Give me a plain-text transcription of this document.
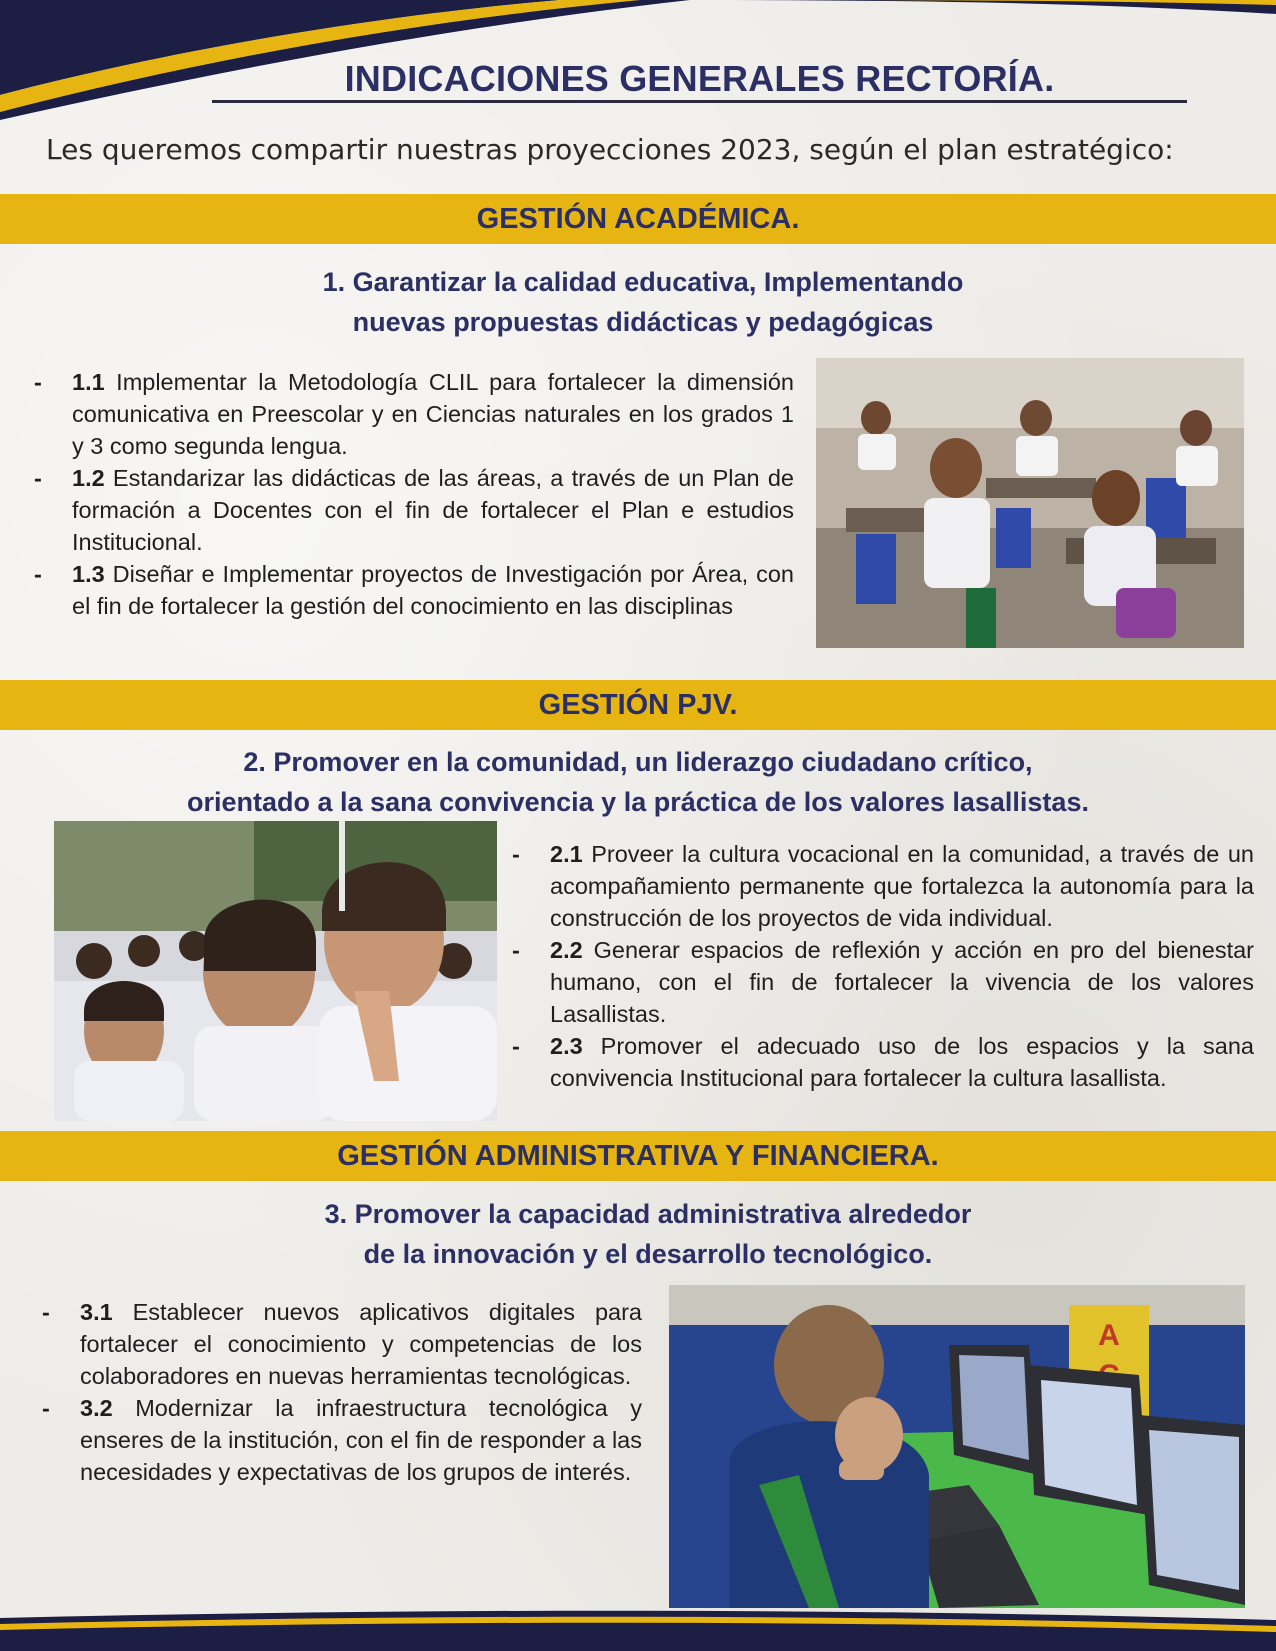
INDICACIONES GENERALES RECTORÍA.
Les queremos compartir nuestras proyecciones 2023, según el plan estratégico:
GESTIÓN ACADÉMICA.
1. Garantizar la calidad educativa, Implementando
nuevas propuestas didácticas y pedagógicas
- 1.1 Implementar la Metodología CLIL para fortalecer la dimensión comunicativa en Preescolar y en Ciencias naturales en los grados 1 y 3 como segunda lengua.
- 1.2 Estandarizar las didácticas de las áreas, a través de un Plan de formación a Docentes con el fin de fortalecer el Plan e estudios Institucional.
- 1.3 Diseñar e Implementar proyectos de Investigación por Área, con el fin de fortalecer la gestión del conocimiento en las disciplinas
GESTIÓN PJV.
2. Promover en la comunidad, un liderazgo ciudadano crítico,
orientado a la sana convivencia y la práctica de los valores lasallistas.
- 2.1 Proveer la cultura vocacional en la comunidad, a través de un acompañamiento permanente que fortalezca la autonomía para la construcción de los proyectos de vida individual.
- 2.2 Generar espacios de reflexión y acción en pro del bienestar humano, con el fin de fortalecer la vivencia de los valores Lasallistas.
- 2.3 Promover el adecuado uso de los espacios y la sana convivencia Institucional para fortalecer la cultura lasallista.
GESTIÓN ADMINISTRATIVA Y FINANCIERA.
3. Promover la capacidad administrativa alrededor
de la innovación y el desarrollo tecnológico.
- 3.1 Establecer nuevos aplicativos digitales para fortalecer el conocimiento y competencias de los colaboradores en nuevas herramientas tecnológicas.
- 3.2 Modernizar la infraestructura tecnológica y enseres de la institución, con el fin de responder a las necesidades y expectativas de los grupos de interés.
A
